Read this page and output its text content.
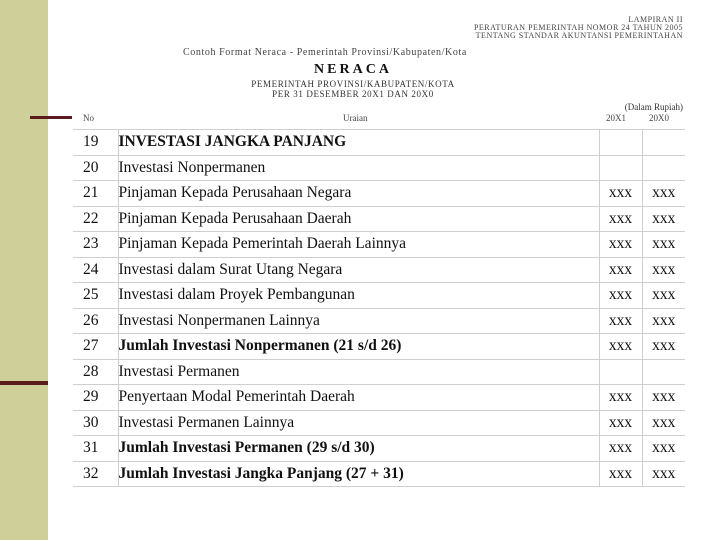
LAMPIRAN II
PERATURAN PEMERINTAH NOMOR 24 TAHUN 2005
TENTANG STANDAR AKUNTANSI PEMERINTAHAN
Contoh Format Neraca - Pemerintah Provinsi/Kabupaten/Kota
NERACA
PEMERINTAH PROVINSI/KABUPATEN/KOTA
PER 31 DESEMBER 20X1 DAN 20X0
(Dalam Rupiah)
No	Uraian	20X1	20X0
19	INVESTASI JANGKA PANJANG		
20	Investasi Nonpermanen		
21	Pinjaman Kepada Perusahaan Negara	xxx	xxx
22	Pinjaman Kepada Perusahaan Daerah	xxx	xxx
23	Pinjaman Kepada Pemerintah Daerah Lainnya	xxx	xxx
24	Investasi dalam Surat Utang Negara	xxx	xxx
25	Investasi dalam Proyek Pembangunan	xxx	xxx
26	Investasi Nonpermanen Lainnya	xxx	xxx
27	Jumlah Investasi Nonpermanen (21 s/d 26)	xxx	xxx
28	Investasi Permanen		
29	Penyertaan Modal Pemerintah Daerah	xxx	xxx
30	Investasi Permanen Lainnya	xxx	xxx
31	Jumlah Investasi Permanen (29 s/d 30)	xxx	xxx
32	Jumlah Investasi Jangka Panjang (27 + 31)	xxx	xxx
